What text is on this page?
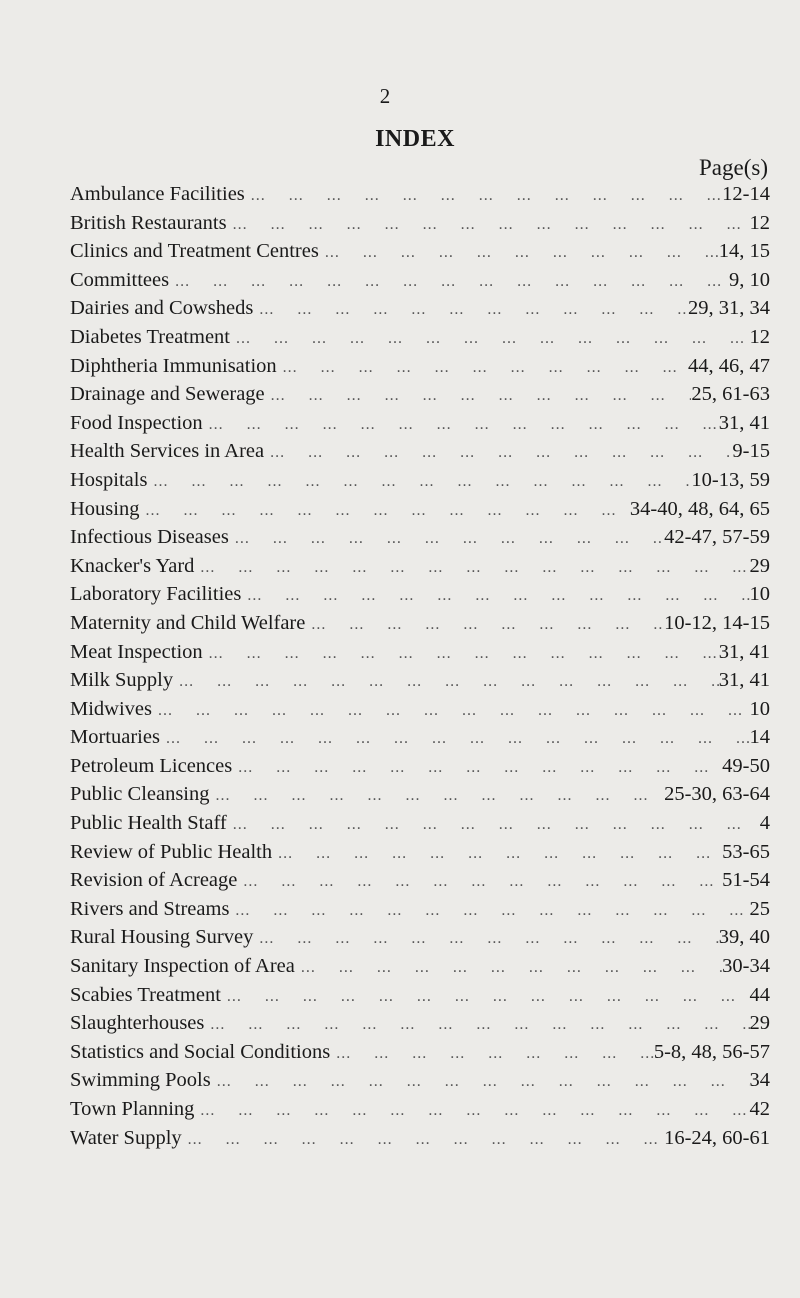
2
INDEX
Page(s)
Ambulance Facilities ... .	12-14
British Restaurants ... .	12
Clinics and Treatment Centres ... .	14, 15
Committees ... .	9, 10
Dairies and Cowsheds ... .	29, 31, 34
Diabetes Treatment ... .	12
Diphtheria Immunisation ... .	44, 46, 47
Drainage and Sewerage ... .	25, 61-63
Food Inspection ... .	31, 41
Health Services in Area ... .	9-15
Hospitals ... .	10-13, 59
Housing ... .	34-40, 48, 64, 65
Infectious Diseases ... .	42-47, 57-59
Knacker's Yard ... .	29
Laboratory Facilities ... .	10
Maternity and Child Welfare ... .	10-12, 14-15
Meat Inspection ... .	31, 41
Milk Supply ... .	31, 41
Midwives ... .	10
Mortuaries ... .	14
Petroleum Licences ... .	49-50
Public Cleansing ... .	25-30, 63-64
Public Health Staff ... .	4
Review of Public Health ... .	53-65
Revision of Acreage ... .	51-54
Rivers and Streams ... .	25
Rural Housing Survey ... .	39, 40
Sanitary Inspection of Area ... .	30-34
Scabies Treatment ... .	44
Slaughterhouses ... .	29
Statistics and Social Conditions ... .	5-8, 48, 56-57
Swimming Pools ... .	34
Town Planning ... .	42
Water Supply ... .	16-24, 60-61
